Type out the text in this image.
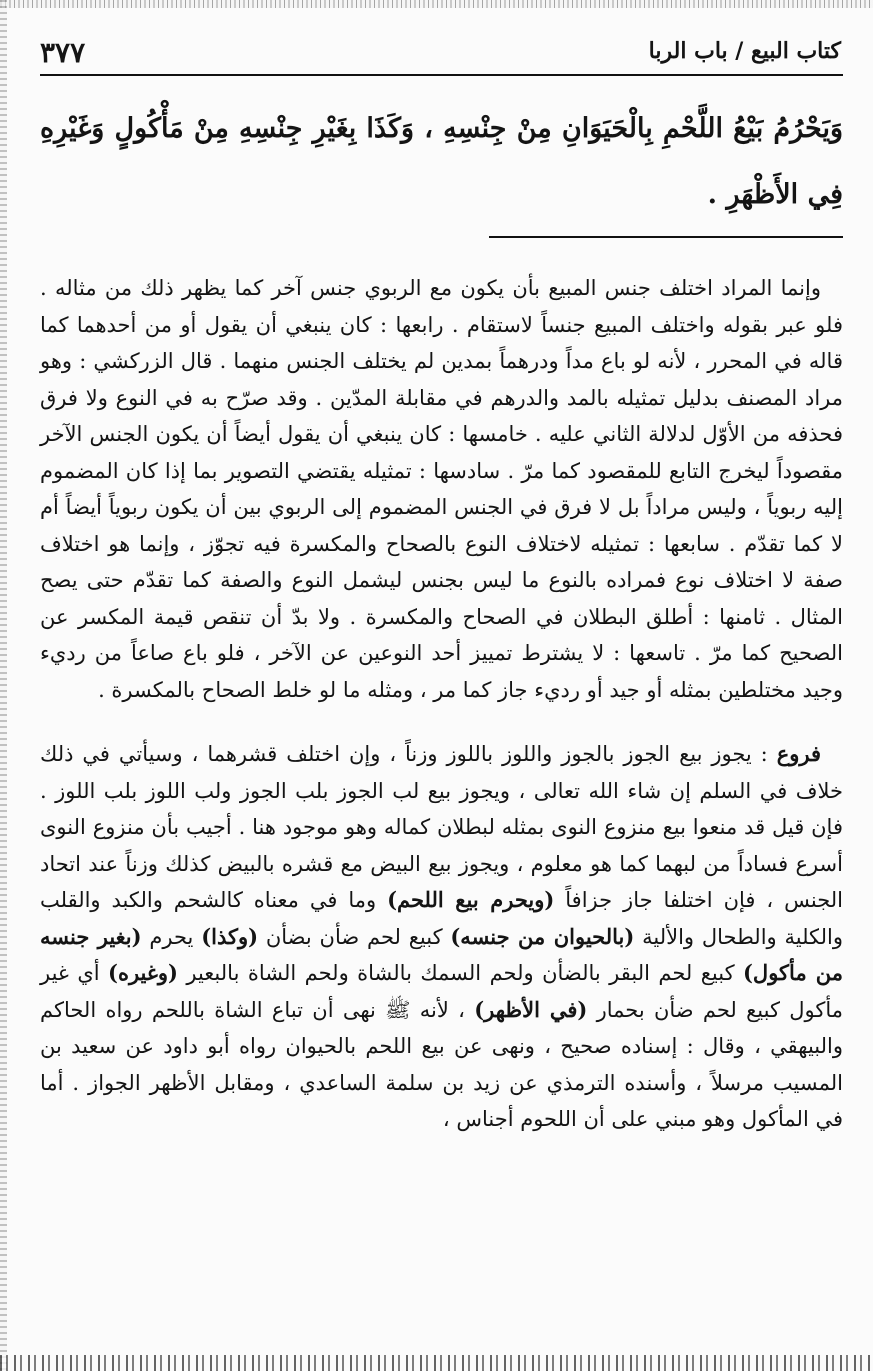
٣٧٧	كتاب البيع / باب الربا

وَيَحْرُمُ بَيْعُ اللَّحْمِ بِالْحَيَوَانِ مِنْ جِنْسِهِ ، وَكَذَا بِغَيْرِ جِنْسِهِ مِنْ مَأْكُولٍ وَغَيْرِهِ فِي الأَظْهَرِ .

وإنما المراد اختلف جنس المبيع بأن يكون مع الربوي جنس آخر كما يظهر ذلك من مثاله . فلو عبر بقوله واختلف المبيع جنساً لاستقام . رابعها : كان ينبغي أن يقول أو من أحدهما كما قاله في المحرر ، لأنه لو باع مداً ودرهماً بمدين لم يختلف الجنس منهما . قال الزركشي : وهو مراد المصنف بدليل تمثيله بالمد والدرهم في مقابلة المدّين . وقد صرّح به في النوع ولا فرق فحذفه من الأوّل لدلالة الثاني عليه . خامسها : كان ينبغي أن يقول أيضاً أن يكون الجنس الآخر مقصوداً ليخرج التابع للمقصود كما مرّ . سادسها : تمثيله يقتضي التصوير بما إذا كان المضموم إليه ربوياً ، وليس مراداً بل لا فرق في الجنس المضموم إلى الربوي بين أن يكون ربوياً أيضاً أم لا كما تقدّم . سابعها : تمثيله لاختلاف النوع بالصحاح والمكسرة فيه تجوّز ، وإنما هو اختلاف صفة لا اختلاف نوع فمراده بالنوع ما ليس بجنس ليشمل النوع والصفة كما تقدّم حتى يصح المثال . ثامنها : أطلق البطلان في الصحاح والمكسرة . ولا بدّ أن تنقص قيمة المكسر عن الصحيح كما مرّ . تاسعها : لا يشترط تمييز أحد النوعين عن الآخر ، فلو باع صاعاً من رديء وجيد مختلطين بمثله أو جيد أو رديء جاز كما مر ، ومثله ما لو خلط الصحاح بالمكسرة .

فروع : يجوز بيع الجوز بالجوز واللوز باللوز وزناً ، وإن اختلف قشرهما ، وسيأتي في ذلك خلاف في السلم إن شاء الله تعالى ، ويجوز بيع لب الجوز بلب الجوز ولب اللوز بلب اللوز . فإن قيل قد منعوا بيع منزوع النوى بمثله لبطلان كماله وهو موجود هنا . أجيب بأن منزوع النوى أسرع فساداً من لبهما كما هو معلوم ، ويجوز بيع البيض مع قشره بالبيض كذلك وزناً عند اتحاد الجنس ، فإن اختلفا جاز جزافاً (ويحرم بيع اللحم) وما في معناه كالشحم والكبد والقلب والكلية والطحال والألية (بالحيوان من جنسه) كبيع لحم ضأن بضأن (وكذا) يحرم (بغير جنسه من مأكول) كبيع لحم البقر بالضأن ولحم السمك بالشاة ولحم الشاة بالبعير (وغيره) أي غير مأكول كبيع لحم ضأن بحمار (في الأظهر) ، لأنه ﷺ نهى أن تباع الشاة باللحم رواه الحاكم والبيهقي ، وقال : إسناده صحيح ، ونهى عن بيع اللحم بالحيوان رواه أبو داود عن سعيد بن المسيب مرسلاً ، وأسنده الترمذي عن زيد بن سلمة الساعدي ، ومقابل الأظهر الجواز . أما في المأكول وهو مبني على أن اللحوم أجناس ،
